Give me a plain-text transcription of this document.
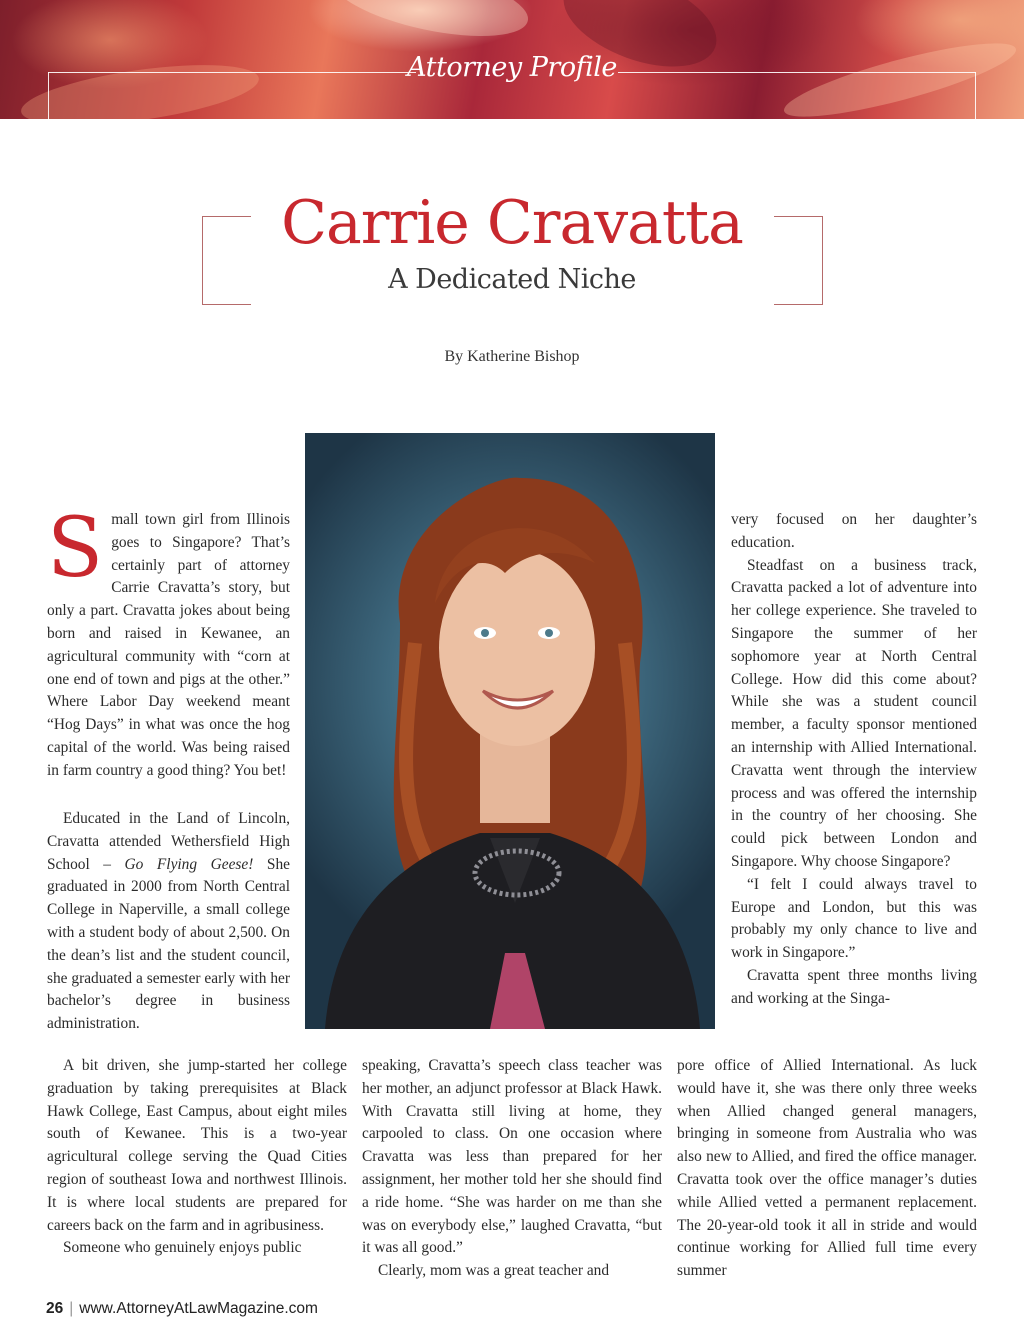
Attorney Profile
Carrie Cravatta
A Dedicated Niche
By Katherine Bishop
S mall town girl from Illinois goes to Singapore? That’s certainly part of attorney Carrie Cravatta’s story, but only a part. Cravatta jokes about being born and raised in Kewanee, an agricultural community with “corn at one end of town and pigs at the other.” Where Labor Day weekend meant “Hog Days” in what was once the hog capital of the world. Was being raised in farm country a good thing? You bet!

Educated in the Land of Lincoln, Cravatta attended Wethersfield High School – Go Flying Geese! She graduated in 2000 from North Central College in Naperville, a small college with a student body of about 2,500. On the dean’s list and the student council, she graduated a semester early with her bachelor’s degree in business administration.

A bit driven, she jump-started her college graduation by taking prerequisites at Black Hawk College, East Campus, about eight miles south of Kewanee. This is a two-year agricultural college serving the Quad Cities region of southeast Iowa and northwest Illinois. It is where local students are prepared for careers back on the farm and in agribusiness.

Someone who genuinely enjoys public

speaking, Cravatta’s speech class teacher was her mother, an adjunct professor at Black Hawk. With Cravatta still living at home, they carpooled to class. On one occasion where Cravatta was less than prepared for her assignment, her mother told her she should find a ride home. “She was harder on me than she was on everybody else,” laughed Cravatta, “but it was all good.”

Clearly, mom was a great teacher and

very focused on her daughter’s education.

Steadfast on a business track, Cravatta packed a lot of adventure into her college experience. She traveled to Singapore the summer of her sophomore year at North Central College. How did this come about? While she was a student council member, a faculty sponsor mentioned an internship with Allied International. Cravatta went through the interview process and was offered the internship in the country of her choosing. She could pick between London and Singapore. Why choose Singapore?

“I felt I could always travel to Europe and London, but this was probably my only chance to live and work in Singapore.”

Cravatta spent three months living and working at the Singa-

pore office of Allied International. As luck would have it, she was there only three weeks when Allied changed general managers, bringing in someone from Australia who was also new to Allied, and fired the office manager. Cravatta took over the office manager’s duties while Allied vetted a permanent replacement. The 20-year-old took it all in stride and would continue working for Allied full time every summer

26 | www.AttorneyAtLawMagazine.com
